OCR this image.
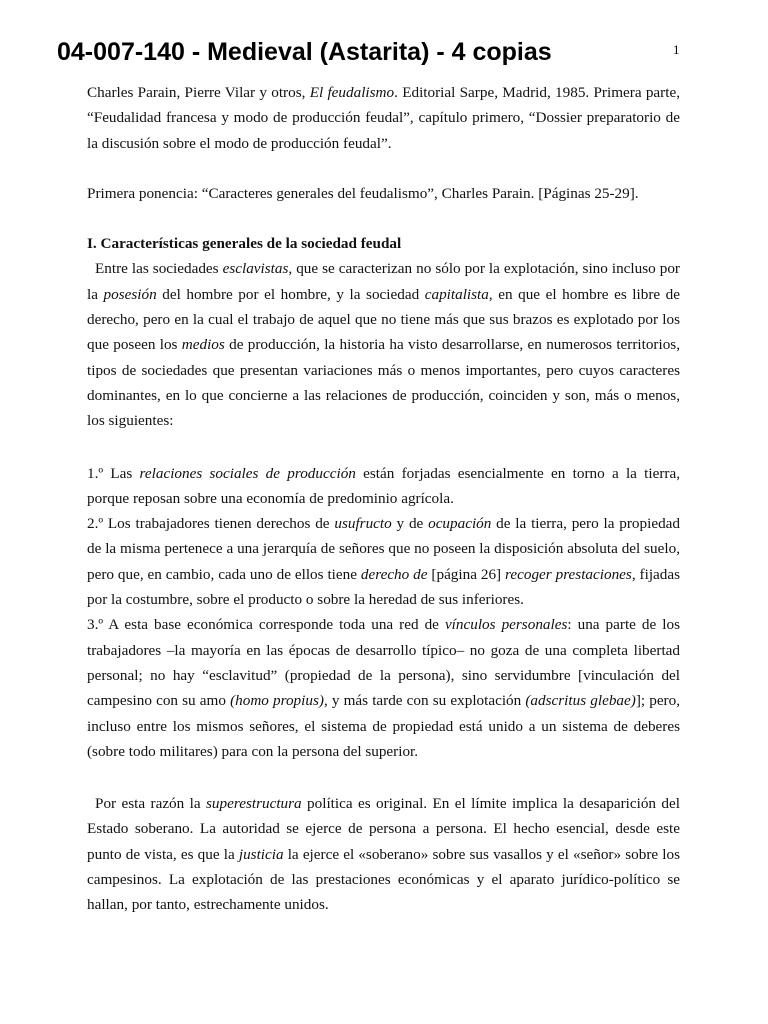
04-007-140 - Medieval (Astarita) - 4 copias	1

Charles Parain, Pierre Vilar y otros, El feudalismo. Editorial Sarpe, Madrid, 1985. Primera parte, “Feudalidad francesa y modo de producción feudal”, capítulo primero, “Dossier preparatorio de la discusión sobre el modo de producción feudal”.

Primera ponencia: “Caracteres generales del feudalismo”, Charles Parain. [Páginas 25-29].

I. Características generales de la sociedad feudal

Entre las sociedades esclavistas, que se caracterizan no sólo por la explotación, sino incluso por la posesión del hombre por el hombre, y la sociedad capitalista, en que el hombre es libre de derecho, pero en la cual el trabajo de aquel que no tiene más que sus brazos es explotado por los que poseen los medios de producción, la historia ha visto desarrollarse, en numerosos territorios, tipos de sociedades que presentan variaciones más o menos importantes, pero cuyos caracteres dominantes, en lo que concierne a las relaciones de producción, coinciden y son, más o menos, los siguientes:

1.º Las relaciones sociales de producción están forjadas esencialmente en torno a la tierra, porque reposan sobre una economía de predominio agrícola.

2.º Los trabajadores tienen derechos de usufructo y de ocupación de la tierra, pero la propiedad de la misma pertenece a una jerarquía de señores que no poseen la disposición absoluta del suelo, pero que, en cambio, cada uno de ellos tiene derecho de [página 26] recoger prestaciones, fijadas por la costumbre, sobre el producto o sobre la heredad de sus inferiores.

3.º A esta base económica corresponde toda una red de vínculos personales: una parte de los trabajadores –la mayoría en las épocas de desarrollo típico– no goza de una completa libertad personal; no hay “esclavitud” (propiedad de la persona), sino servidumbre [vinculación del campesino con su amo (homo propius), y más tarde con su explotación (adscritus glebae)]; pero, incluso entre los mismos señores, el sistema de propiedad está unido a un sistema de deberes (sobre todo militares) para con la persona del superior.

Por esta razón la superestructura política es original. En el límite implica la desaparición del Estado soberano. La autoridad se ejerce de persona a persona. El hecho esencial, desde este punto de vista, es que la justicia la ejerce el «soberano» sobre sus vasallos y el «señor» sobre los campesinos. La explotación de las prestaciones económicas y el aparato jurídico-político se hallan, por tanto, estrechamente unidos.
